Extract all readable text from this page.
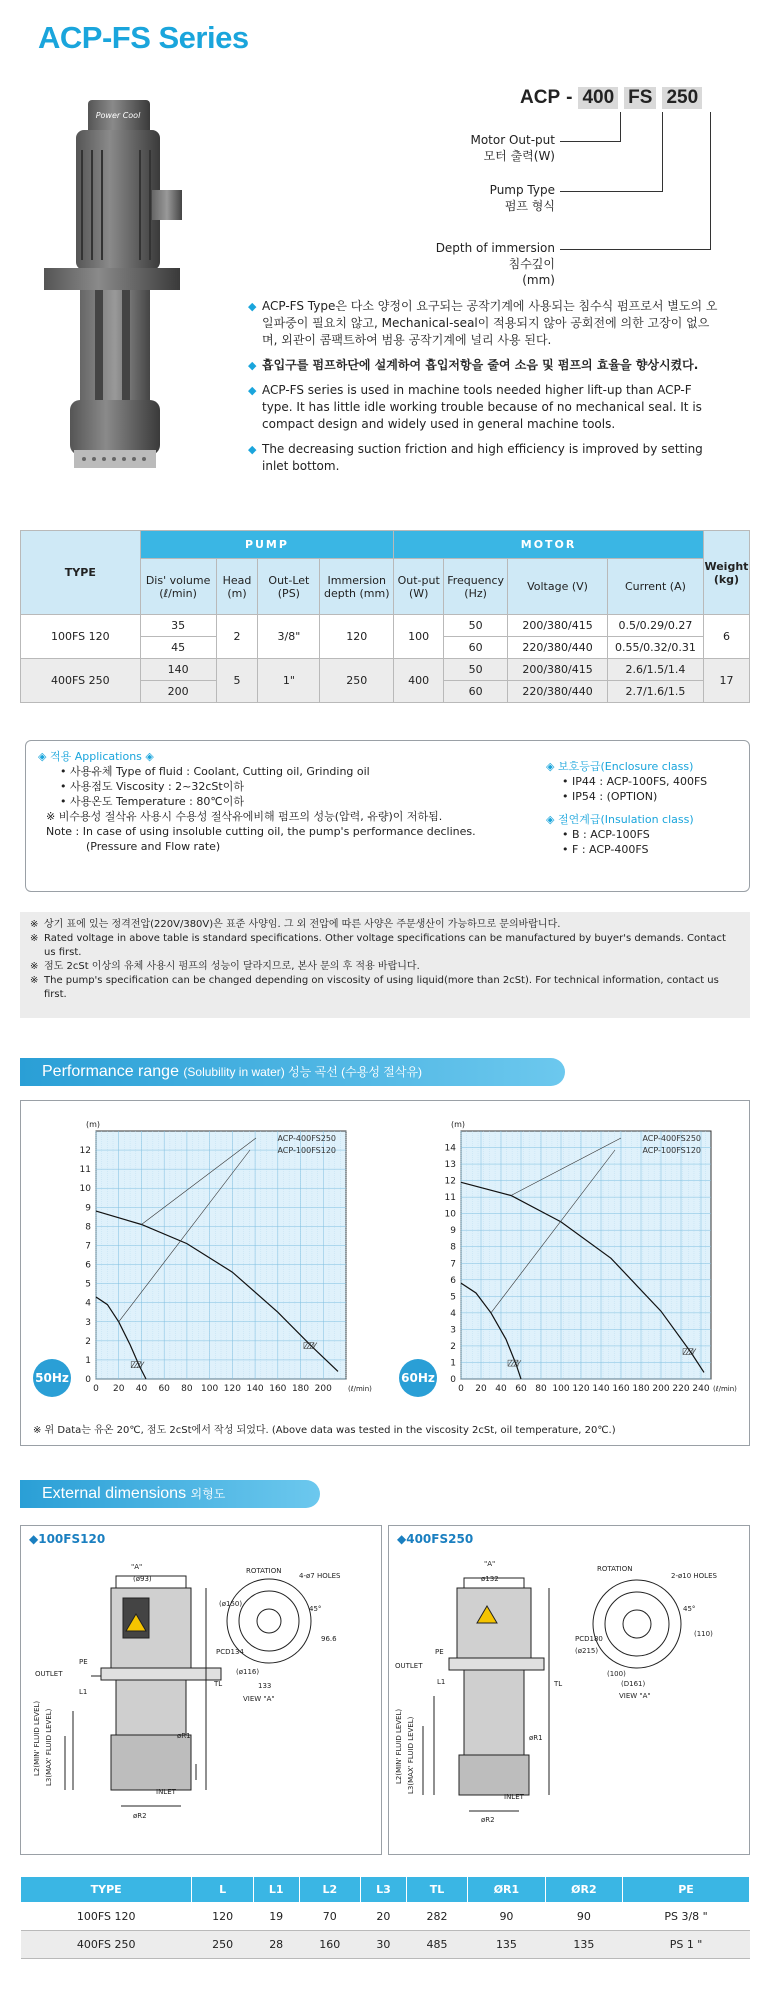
ACP-FS Series
Power Cool
ACP - 400 FS 250
Motor Out-put
모터 출력(W)
Pump Type
펌프 형식
Depth of immersion
침수깊이
(mm)
◆ ACP-FS Type은 다소 양정이 요구되는 공작기계에 사용되는 침수식 펌프로서 별도의 오일파중이 필요치 않고, Mechanical-seal이 적용되지 않아 공회전에 의한 고장이 없으며, 외관이 콤팩트하여 범용 공작기계에 널리 사용 된다.
◆ 흡입구를 펌프하단에 설계하여 흡입저항을 줄여 소음 및 펌프의 효율을 향상시켰다.
◆ ACP-FS series is used in machine tools needed higher lift-up than ACP-F type. It has little idle working trouble because of no mechanical seal. It is compact design and widely used in general machine tools.
◆ The decreasing suction friction and high efficiency is improved by setting inlet bottom.
TYPE	PUMP				MOTOR				Weight (kg)
	Dis' volume (ℓ/min)	Head (m)	Out-Let (PS)	Immersion depth (mm)	Out-put (W)	Frequency (Hz)	Voltage (V)	Current (A)	
100FS 120	35	2	3/8"	120	100	50	200/380/415	0.5/0.29/0.27	6
	45					60	220/380/440	0.55/0.32/0.31	
400FS 250	140	5	1"	250	400	50	200/380/415	2.6/1.5/1.4	17
	200					60	220/380/440	2.7/1.6/1.5	
◈ 적용 Applications ◈
• 사용유체 Type of fluid : Coolant, Cutting oil, Grinding oil
• 사용점도 Viscosity : 2~32cSt이하
• 사용온도 Temperature : 80℃이하
※ 비수용성 절삭유 사용시 수용성 절삭유에비해 펌프의 성능(압력, 유량)이 저하됨.
Note : In case of using insoluble cutting oil, the pump's performance declines.
(Pressure and Flow rate)
◈ 보호등급(Enclosure class)
• IP44 : ACP-100FS, 400FS
• IP54 : (OPTION)
◈ 절연계급(Insulation class)
• B : ACP-100FS
• F : ACP-400FS
※ 상기 표에 있는 정격전압(220V/380V)은 표준 사양임. 그 외 전압에 따른 사양은 주문생산이 가능하므로 문의바랍니다.
※ Rated voltage in above table is standard specifications. Other voltage specifications can be manufactured by buyer's demands. Contact us first.
※ 점도 2cSt 이상의 유체 사용시 펌프의 성능이 달라지므로, 본사 문의 후 적용 바랍니다.
※ The pump's specification can be changed depending on viscosity of using liquid(more than 2cSt). For technical information, contact us first.
Performance range (Solubility in water) 성능 곡선 (수용성 절삭유)
0 20 40 60 80 100 120 140 160 180 200
0
1
2
3
4
5
6
7
8
9
10
11
12
(m)
(ℓ/min)
ACP-400FS250
ACP-100FS120
0 20 40 60 80 100 120 140 160 180 200 220 240
0
1
2
3
4
5
6
7
8
9
10
11
12
13
14
(m)
(ℓ/min)
ACP-400FS250
ACP-100FS120
50Hz	60Hz
※ 위 Data는 유온 20℃, 점도 2cSt에서 작성 되었다. (Above data was tested in the viscosity 2cSt, oil temperature, 20℃.)
External dimensions 외형도
◆100FS120
"A"
(ø93)
OUTLET
PE
TL
L1
øR1
INLET
øR2
ROTATION
4-ø7 HOLES
PCD134
(ø116)
133
96.6
(ø150)
45°
VIEW "A"
L2(MIN' FLUID LEVEL) L3(MAX' FLUID LEVEL)
◆400FS250
"A"
ø132
OUTLET
PE
TL
L1
øR1
INLET
øR2
ROTATION
2-ø10 HOLES
PCD180
(ø215)
(D161)
(100)
(110)
45°
VIEW "A"
L2(MIN' FLUID LEVEL) L3(MAX' FLUID LEVEL)
TYPE	L	L1	L2	L3	TL	ØR1	ØR2	PE
100FS 120	120	19	70	20	282	90	90	PS 3/8 "
400FS 250	250	28	160	30	485	135	135	PS 1 "
